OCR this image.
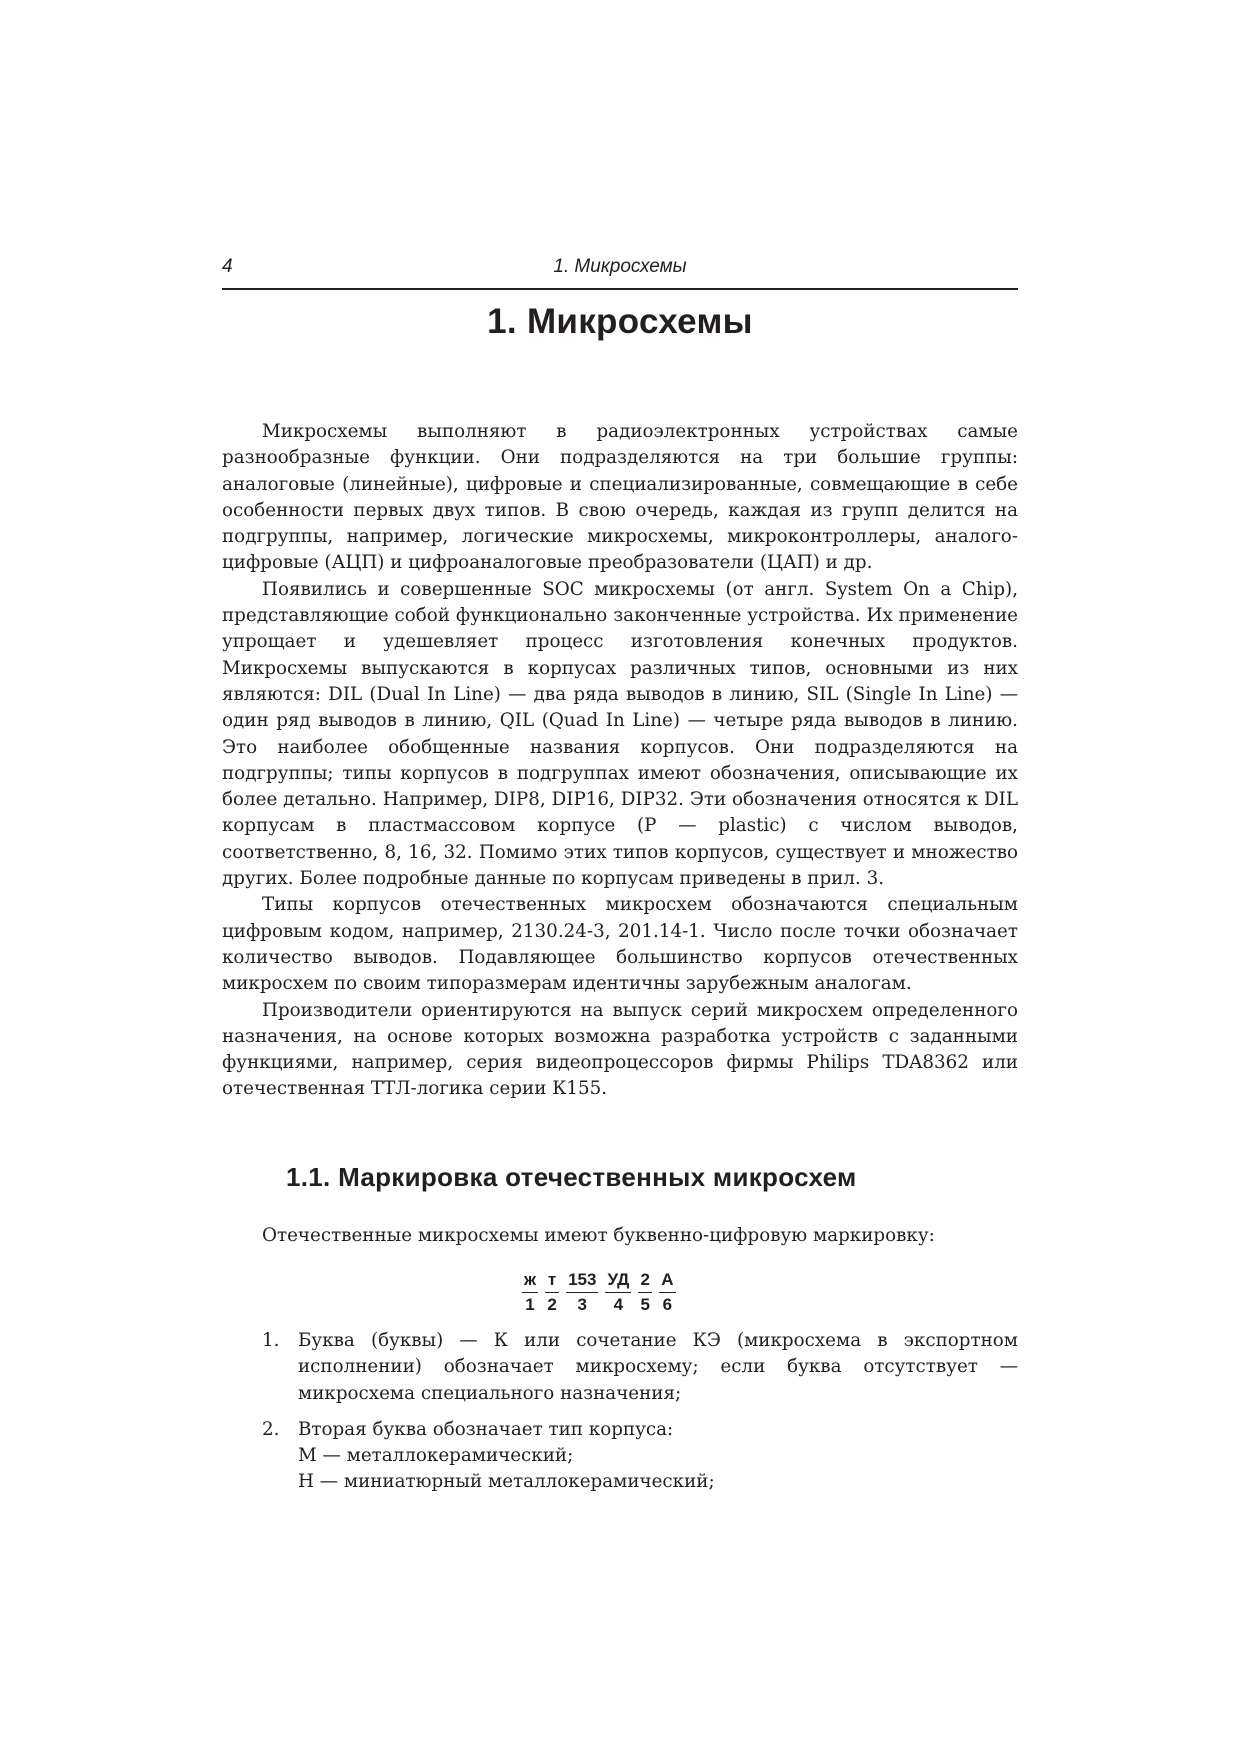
4	1. Микросхемы
1. Микросхемы

Микросхемы выполняют в радиоэлектронных устройствах самые разнообразные функции. Они подразделяются на три большие группы: аналоговые (линейные), цифровые и специализированные, совмещающие в себе особенности первых двух типов. В свою очередь, каждая из групп делится на подгруппы, например, логические микросхемы, микроконтроллеры, аналого-цифровые (АЦП) и цифроаналоговые преобразователи (ЦАП) и др.

Появились и совершенные SOC микросхемы (от англ. System On a Chip), представляющие собой функционально законченные устройства. Их применение упрощает и удешевляет процесс изготовления конечных продуктов. Микросхемы выпускаются в корпусах различных типов, основными из них являются: DIL (Dual In Line) — два ряда выводов в линию, SIL (Single In Line) — один ряд выводов в линию, QIL (Quad In Line) — четыре ряда выводов в линию. Это наиболее обобщенные названия корпусов. Они подразделяются на подгруппы; типы корпусов в подгруппах имеют обозначения, описывающие их более детально. Например, DIP8, DIP16, DIP32. Эти обозначения относятся к DIL корпусам в пластмассовом корпусе (P — plastic) с числом выводов, соответственно, 8, 16, 32. Помимо этих типов корпусов, существует и множество других. Более подробные данные по корпусам приведены в прил. 3.

Типы корпусов отечественных микросхем обозначаются специальным цифровым кодом, например, 2130.24-3, 201.14-1. Число после точки обозначает количество выводов. Подавляющее большинство корпусов отечественных микросхем по своим типоразмерам идентичны зарубежным аналогам.

Производители ориентируются на выпуск серий микросхем определенного назначения, на основе которых возможна разработка устройств с заданными функциями, например, серия видеопроцессоров фирмы Philips TDA8362 или отечественная ТТЛ-логика серии К155.

1.1. Маркировка отечественных микросхем
Отечественные микросхемы имеют буквенно-цифровую маркировку:
ж
1
т
2
153
3
УД
4
2
5
А
6
1. Буква (буквы) — К или сочетание КЭ (микросхема в экспортном исполнении) обозначает микросхему; если буква отсутствует — микросхема специального назначения;
2. Вторая буква обозначает тип корпуса:
М — металлокерамический;
Н — миниатюрный металлокерамический;
